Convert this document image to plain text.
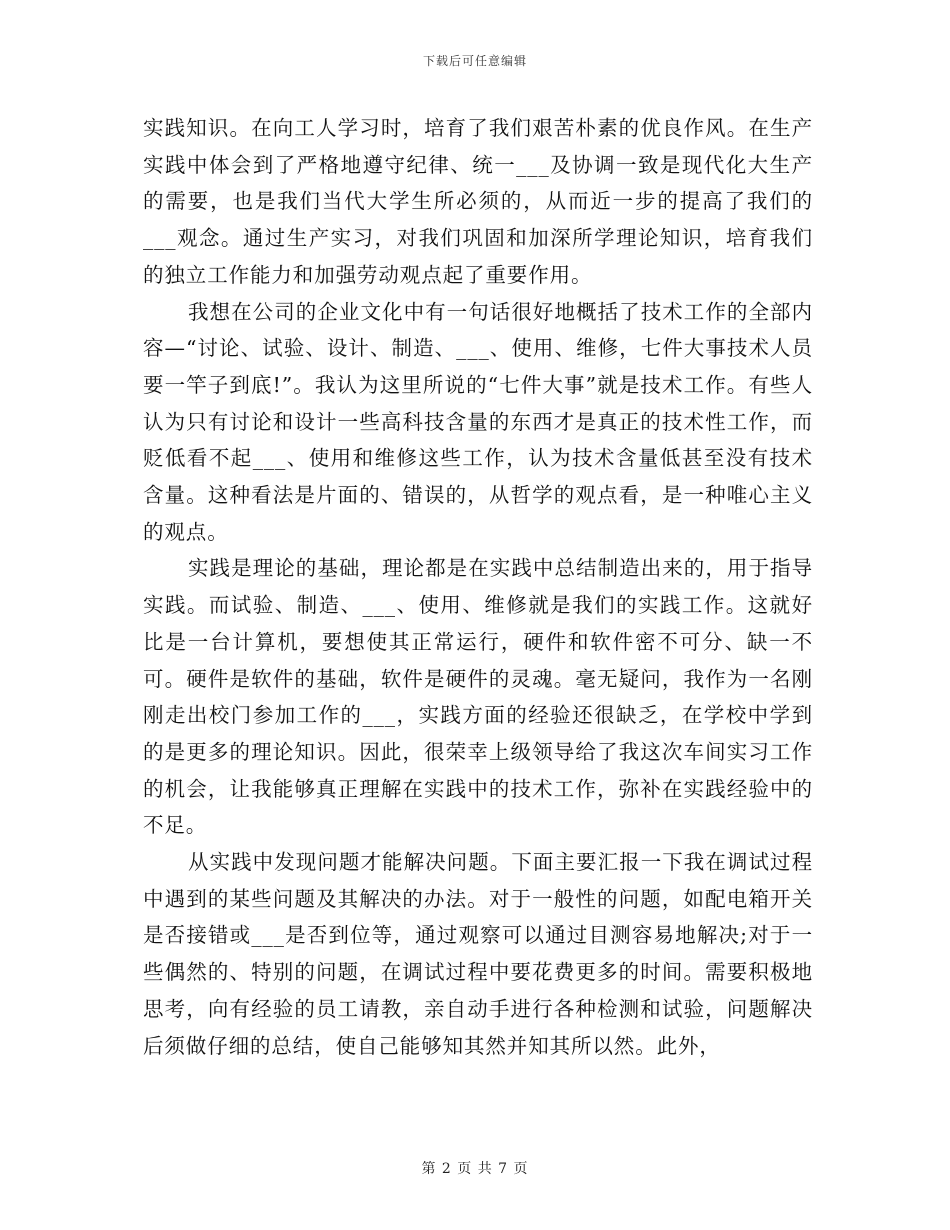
下载后可任意编辑

实践知识。在向工人学习时，培育了我们艰苦朴素的优良作风。在生产实践中体会到了严格地遵守纪律、统一___及协调一致是现代化大生产的需要，也是我们当代大学生所必须的，从而近一步的提高了我们的___观念。通过生产实习，对我们巩固和加深所学理论知识，培育我们的独立工作能力和加强劳动观点起了重要作用。

我想在公司的企业文化中有一句话很好地概括了技术工作的全部内容—“讨论、试验、设计、制造、___、使用、维修，七件大事技术人员要一竿子到底!”。我认为这里所说的“七件大事”就是技术工作。有些人认为只有讨论和设计一些高科技含量的东西才是真正的技术性工作，而贬低看不起___、使用和维修这些工作，认为技术含量低甚至没有技术含量。这种看法是片面的、错误的，从哲学的观点看，是一种唯心主义的观点。

实践是理论的基础，理论都是在实践中总结制造出来的，用于指导实践。而试验、制造、___、使用、维修就是我们的实践工作。这就好比是一台计算机，要想使其正常运行，硬件和软件密不可分、缺一不可。硬件是软件的基础，软件是硬件的灵魂。毫无疑问，我作为一名刚刚走出校门参加工作的___，实践方面的经验还很缺乏，在学校中学到的是更多的理论知识。因此，很荣幸上级领导给了我这次车间实习工作的机会，让我能够真正理解在实践中的技术工作，弥补在实践经验中的不足。

从实践中发现问题才能解决问题。下面主要汇报一下我在调试过程中遇到的某些问题及其解决的办法。对于一般性的问题，如配电箱开关是否接错或___是否到位等，通过观察可以通过目测容易地解决;对于一些偶然的、特别的问题，在调试过程中要花费更多的时间。需要积极地思考，向有经验的员工请教，亲自动手进行各种检测和试验，问题解决后须做仔细的总结，使自己能够知其然并知其所以然。此外，

第 2 页 共 7 页
